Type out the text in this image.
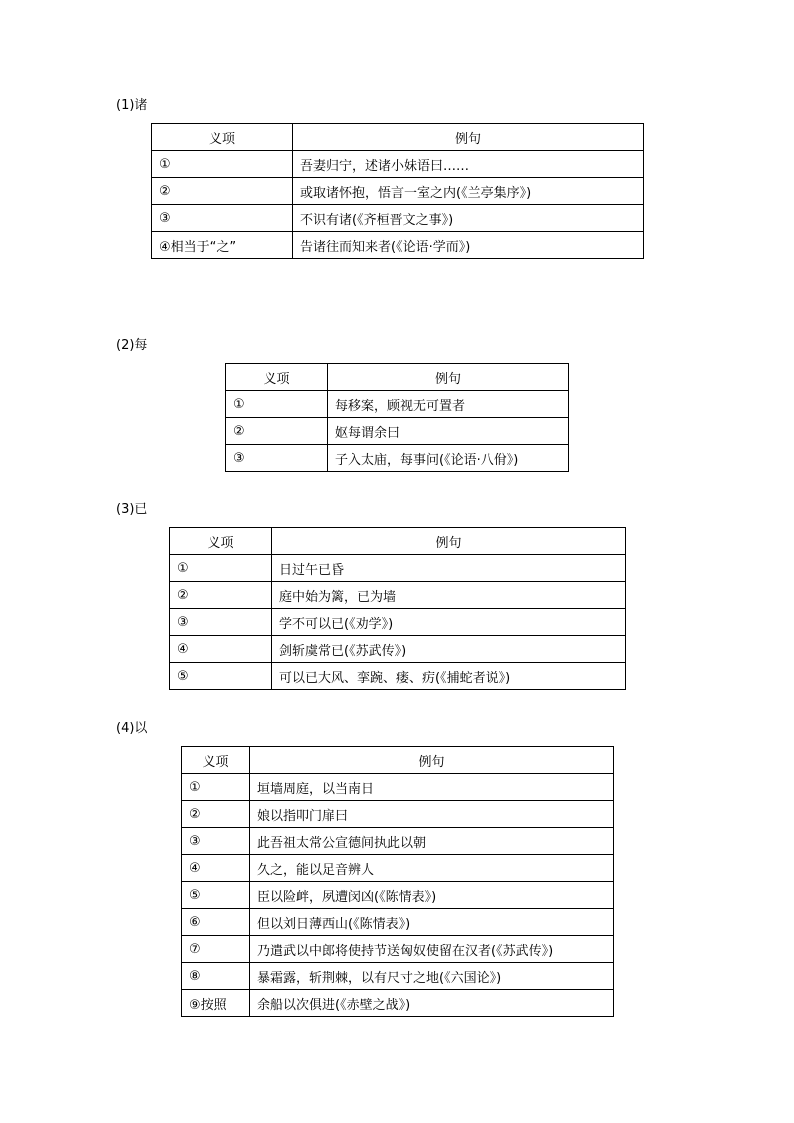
(1)诸
义项	例句
①	吾妻归宁，述诸小妹语曰……
②	或取诸怀抱，悟言一室之内(《兰亭集序》)
③	不识有诸(《齐桓晋文之事》)
④相当于“之”	告诸往而知来者(《论语·学而》)
(2)每
义项	例句
①	每移案，顾视无可置者
②	妪每谓余曰
③	子入太庙，每事问(《论语·八佾》)
(3)已
义项	例句
①	日过午已昏
②	庭中始为篱，已为墙
③	学不可以已(《劝学》)
④	剑斩虞常已(《苏武传》)
⑤	可以已大风、挛踠、瘘、疠(《捕蛇者说》)
(4)以
义项	例句
①	垣墙周庭，以当南日
②	娘以指叩门扉曰
③	此吾祖太常公宣德间执此以朝
④	久之，能以足音辨人
⑤	臣以险衅，夙遭闵凶(《陈情表》)
⑥	但以刘日薄西山(《陈情表》)
⑦	乃遣武以中郎将使持节送匈奴使留在汉者(《苏武传》)
⑧	暴霜露，斩荆棘，以有尺寸之地(《六国论》)
⑨按照	余船以次俱进(《赤壁之战》)
